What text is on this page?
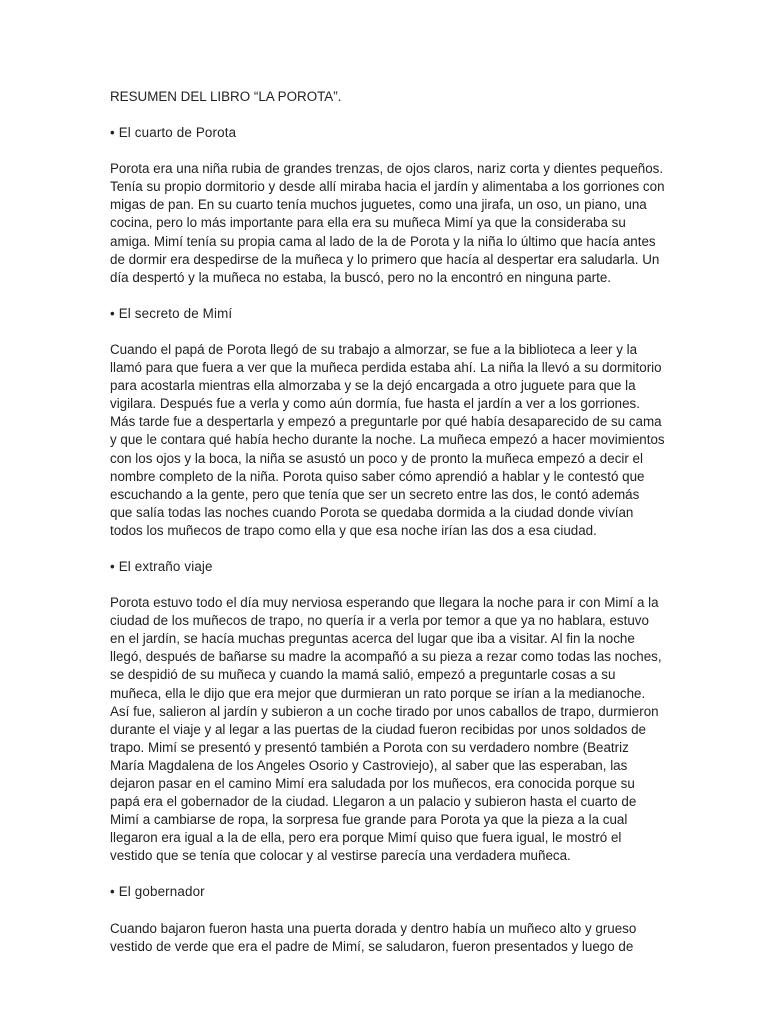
RESUMEN DEL LIBRO “LA POROTA”.

• El cuarto de Porota

Porota era una niña rubia de grandes trenzas, de ojos claros, nariz corta y dientes pequeños. Tenía su propio dormitorio y desde allí miraba hacia el jardín y alimentaba a los gorriones con migas de pan. En su cuarto tenía muchos juguetes, como una jirafa, un oso, un piano, una cocina, pero lo más importante para ella era su muñeca Mimí ya que la consideraba su amiga. Mimí tenía su propia cama al lado de la de Porota y la niña lo último que hacía antes de dormir era despedirse de la muñeca y lo primero que hacía al despertar era saludarla. Un día despertó y la muñeca no estaba, la buscó, pero no la encontró en ninguna parte.

• El secreto de Mimí

Cuando el papá de Porota llegó de su trabajo a almorzar, se fue a la biblioteca a leer y la llamó para que fuera a ver que la muñeca perdida estaba ahí. La niña la llevó a su dormitorio para acostarla mientras ella almorzaba y se la dejó encargada a otro juguete para que la vigilara. Después fue a verla y como aún dormía, fue hasta el jardín a ver a los gorriones. Más tarde fue a despertarla y empezó a preguntarle por qué había desaparecido de su cama y que le contara qué había hecho durante la noche. La muñeca empezó a hacer movimientos con los ojos y la boca, la niña se asustó un poco y de pronto la muñeca empezó a decir el nombre completo de la niña. Porota quiso saber cómo aprendió a hablar y le contestó que escuchando a la gente, pero que tenía que ser un secreto entre las dos, le contó además que salía todas las noches cuando Porota se quedaba dormida a la ciudad donde vivían todos los muñecos de trapo como ella y que esa noche irían las dos a esa ciudad.

• El extraño viaje

Porota estuvo todo el día muy nerviosa esperando que llegara la noche para ir con Mimí a la ciudad de los muñecos de trapo, no quería ir a verla por temor a que ya no hablara, estuvo en el jardín, se hacía muchas preguntas acerca del lugar que iba a visitar. Al fin la noche llegó, después de bañarse su madre la acompañó a su pieza a rezar como todas las noches, se despidió de su muñeca y cuando la mamá salió, empezó a preguntarle cosas a su muñeca, ella le dijo que era mejor que durmieran un rato porque se irían a la medianoche. Así fue, salieron al jardín y subieron a un coche tirado por unos caballos de trapo, durmieron durante el viaje y al legar a las puertas de la ciudad fueron recibidas por unos soldados de trapo. Mimí se presentó y presentó también a Porota con su verdadero nombre (Beatriz María Magdalena de los Angeles Osorio y Castroviejo), al saber que las esperaban, las dejaron pasar en el camino Mimí era saludada por los muñecos, era conocida porque su papá era el gobernador de la ciudad. Llegaron a un palacio y subieron hasta el cuarto de Mimí a cambiarse de ropa, la sorpresa fue grande para Porota ya que la pieza a la cual llegaron era igual a la de ella, pero era porque Mimí quiso que fuera igual, le mostró el vestido que se tenía que colocar y al vestirse parecía una verdadera muñeca.

• El gobernador

Cuando bajaron fueron hasta una puerta dorada y dentro había un muñeco alto y grueso vestido de verde que era el padre de Mimí, se saludaron, fueron presentados y luego de
